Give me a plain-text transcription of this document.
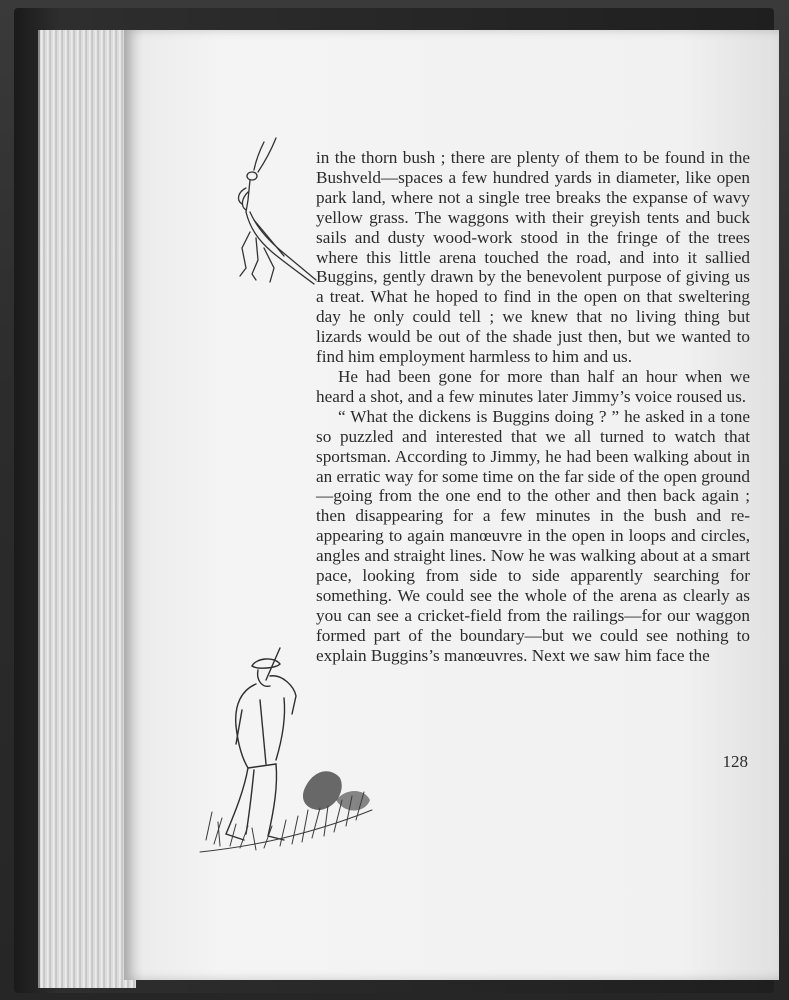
in the thorn bush ; there are plenty of them to be found in the Bushveld—spaces a few hundred yards in diameter, like open park land, where not a single tree breaks the expanse of wavy yellow grass. The waggons with their greyish tents and buck sails and dusty wood-work stood in the fringe of the trees where this little arena touched the road, and into it sallied Buggins, gently drawn by the benevolent purpose of giving us a treat. What he hoped to find in the open on that sweltering day he only could tell ; we knew that no living thing but lizards would be out of the shade just then, but we wanted to find him employment harmless to him and us.

He had been gone for more than half an hour when we heard a shot, and a few minutes later Jimmy’s voice roused us.

“ What the dickens is Buggins doing ? ” he asked in a tone so puzzled and interested that we all turned to watch that sportsman. According to Jimmy, he had been walking about in an erratic way for some time on the far side of the open ground—going from the one end to the other and then back again ; then disappearing for a few minutes in the bush and re-appearing to again manœuvre in the open in loops and circles, angles and straight lines. Now he was walking about at a smart pace, looking from side to side apparently searching for something. We could see the whole of the arena as clearly as you can see a cricket-field from the railings—for our waggon formed part of the boundary—but we could see nothing to explain Buggins’s manœuvres. Next we saw him face the

128
